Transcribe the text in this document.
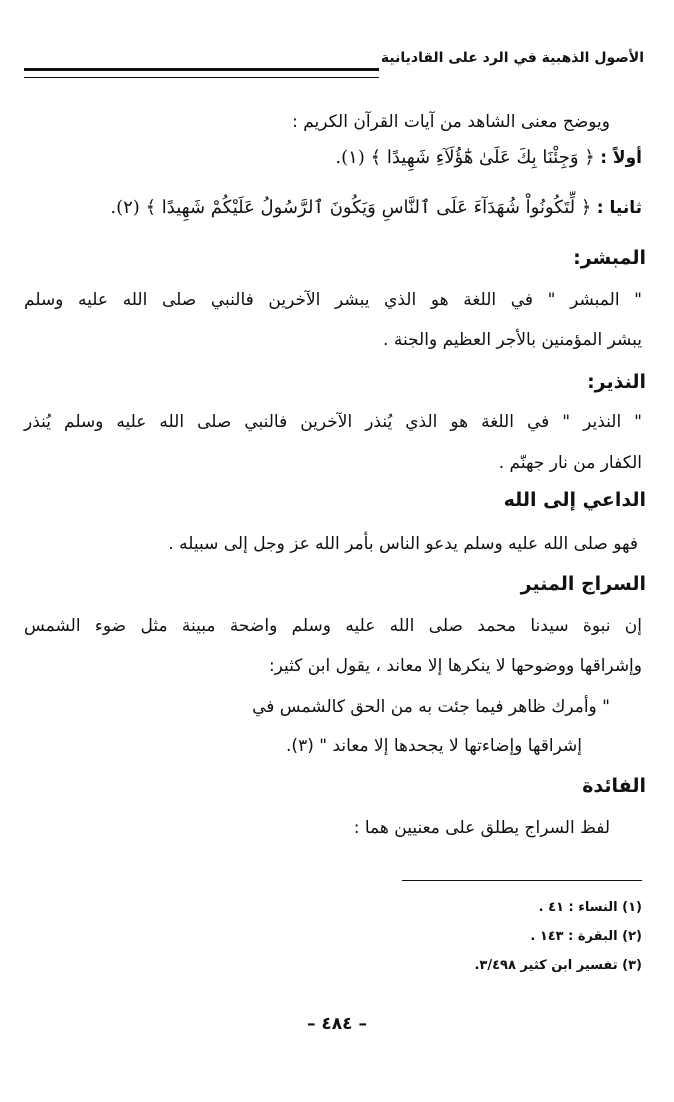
الأصول الذهبية في الرد على القاديانية
ويوضح معنى الشاهد من آيات القرآن الكريم :
أولاً : ﴿ وَجِئْنَا بِكَ عَلَىٰ هَٰٓؤُلَآءِ شَهِيدًا ﴾ (١).
ثانيا : ﴿ لِّتَكُونُواْ شُهَدَآءَ عَلَى ٱلنَّاسِ وَيَكُونَ ٱلرَّسُولُ عَلَيْكُمْ شَهِيدًا ﴾ (٢).
المبشر:
" المبشر " في اللغة هو الذي يبشر الآخرين فالنبي صلى الله عليه وسلم
يبشر المؤمنين بالأجر العظيم والجنة .
النذير:
" النذير " في اللغة هو الذي يُنذر الآخرين فالنبي صلى الله عليه وسلم يُنذر
الكفار من نار جهنّم .
الداعي إلى الله
فهو صلى الله عليه وسلم يدعو الناس بأمر الله عز وجل إلى سبيله .
السراج المنير
إن نبوة سيدنا محمد صلى الله عليه وسلم واضحة مبينة مثل ضوء الشمس
وإشراقها ووضوحها لا ينكرها إلا معاند ، يقول ابن كثير:
" وأمرك ظاهر فيما جئت به من الحق كالشمس في
إشراقها وإضاءتها لا يجحدها إلا معاند " (٣).
الفائدة
لفظ السراج يطلق على معنيين هما :
(١) النساء : ٤١ .
(٢) البقرة : ١٤٣ .
(٣) تفسير ابن كثير ٣/٤٩٨.
– ٤٨٤ –
